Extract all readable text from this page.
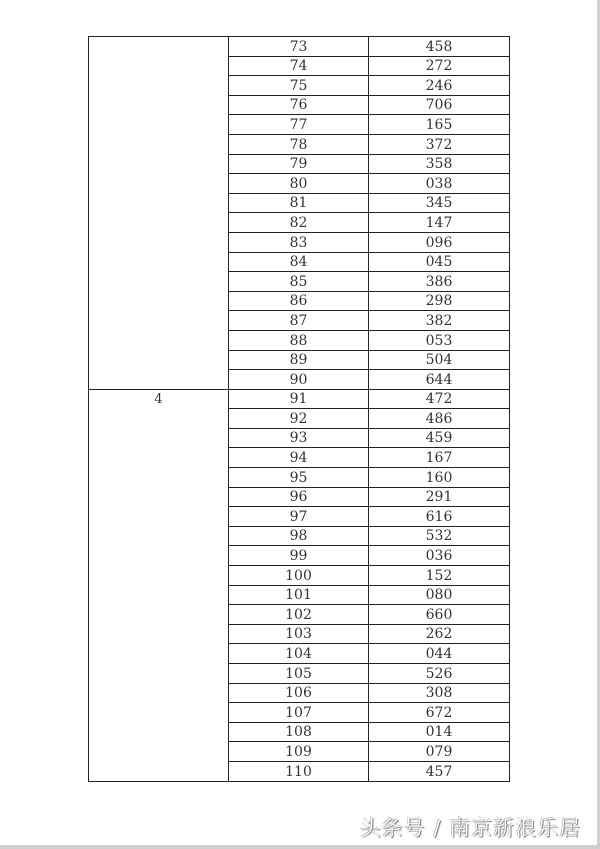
	73	458
	74	272
	75	246
	76	706
	77	165
	78	372
	79	358
	80	038
	81	345
	82	147
	83	096
	84	045
	85	386
	86	298
	87	382
	88	053
	89	504
	90	644

4	91	472
	92	486
	93	459
	94	167
	95	160
	96	291
	97	616
	98	532
	99	036
	100	152
	101	080
	102	660
	103	262
	104	044
	105	526
	106	308
	107	672
	108	014
	109	079
	110	457
头条号 / 南京新浪乐居
